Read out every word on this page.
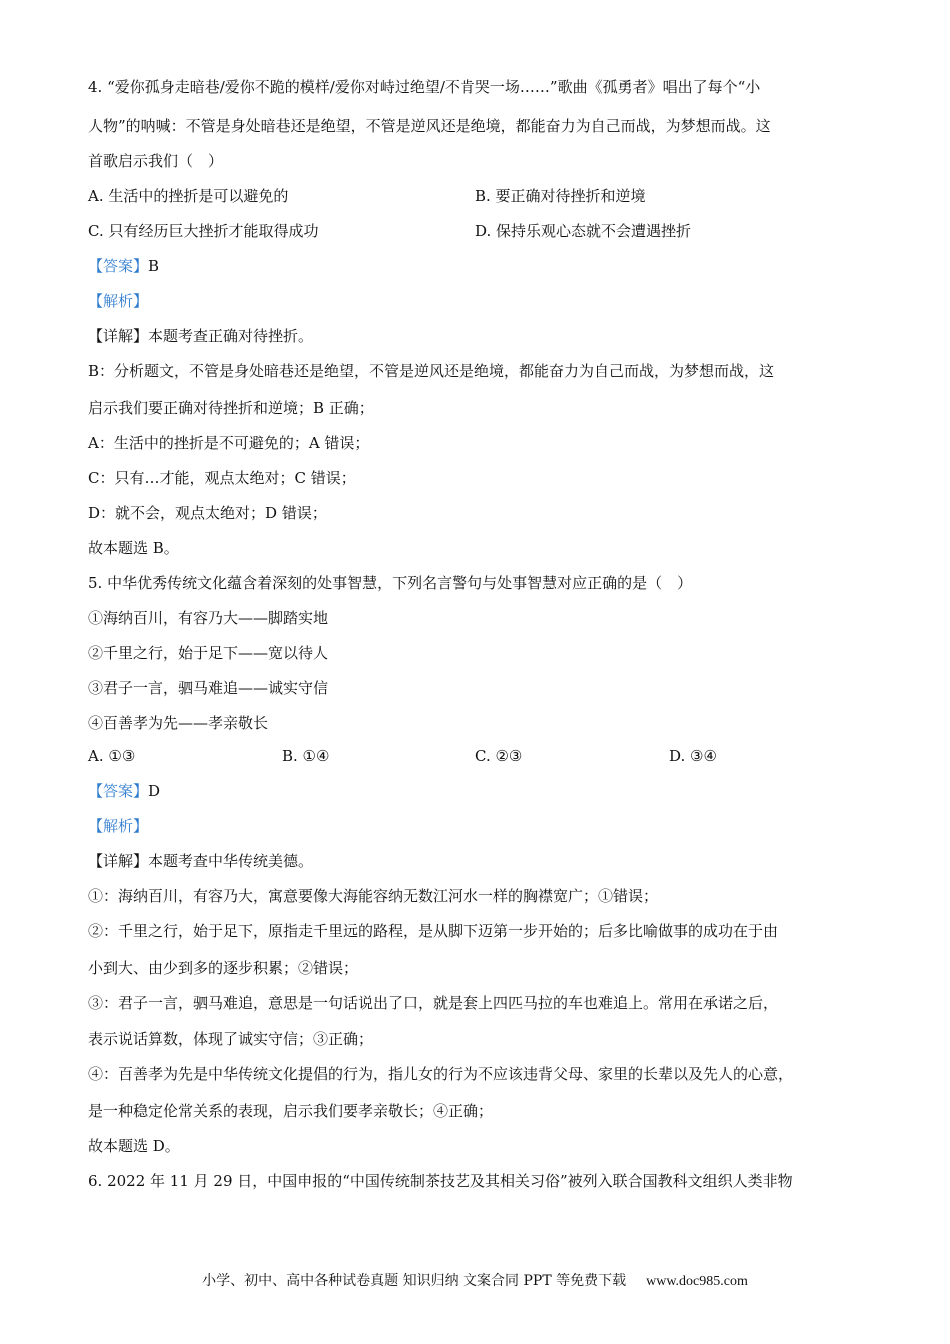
4. “爱你孤身走暗巷/爱你不跪的模样/爱你对峙过绝望/不肯哭一场……”歌曲《孤勇者》唱出了每个“小
人物”的呐喊：不管是身处暗巷还是绝望，不管是逆风还是绝境，都能奋力为自己而战，为梦想而战。这
首歌启示我们（　）
A. 生活中的挫折是可以避免的	B. 要正确对待挫折和逆境
C. 只有经历巨大挫折才能取得成功	D. 保持乐观心态就不会遭遇挫折
【答案】B
【解析】
【详解】本题考查正确对待挫折。
B：分析题文，不管是身处暗巷还是绝望，不管是逆风还是绝境，都能奋力为自己而战，为梦想而战，这
启示我们要正确对待挫折和逆境；B 正确；
A：生活中的挫折是不可避免的；A 错误；
C：只有…才能，观点太绝对；C 错误；
D：就不会，观点太绝对；D 错误；
故本题选 B。
5. 中华优秀传统文化蕴含着深刻的处事智慧，下列名言警句与处事智慧对应正确的是（　）
①海纳百川，有容乃大——脚踏实地
②千里之行，始于足下——宽以待人
③君子一言，驷马难追——诚实守信
④百善孝为先——孝亲敬长
A. ①③	B. ①④	C. ②③	D. ③④
【答案】D
【解析】
【详解】本题考查中华传统美德。
①：海纳百川，有容乃大，寓意要像大海能容纳无数江河水一样的胸襟宽广；①错误；
②：千里之行，始于足下，原指走千里远的路程，是从脚下迈第一步开始的；后多比喻做事的成功在于由
小到大、由少到多的逐步积累；②错误；
③：君子一言，驷马难追，意思是一句话说出了口，就是套上四匹马拉的车也难追上。常用在承诺之后，
表示说话算数，体现了诚实守信；③正确；
④：百善孝为先是中华传统文化提倡的行为，指儿女的行为不应该违背父母、家里的长辈以及先人的心意，
是一种稳定伦常关系的表现，启示我们要孝亲敬长；④正确；
故本题选 D。
6. 2022 年 11 月 29 日，中国申报的“中国传统制茶技艺及其相关习俗”被列入联合国教科文组织人类非物
小学、初中、高中各种试卷真题 知识归纳 文案合同 PPT 等免费下载 www.doc985.com
